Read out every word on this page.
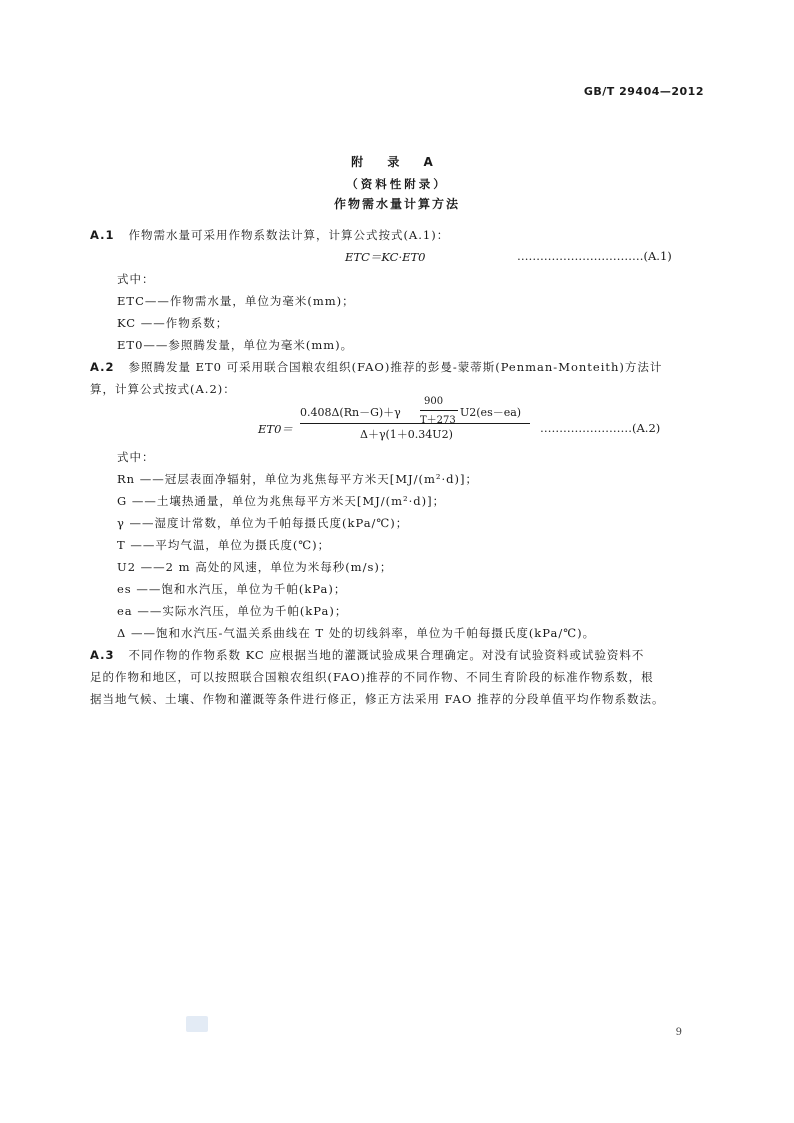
GB/T 29404—2012
附 录 A
（资料性附录）
作物需水量计算方法
A.1 作物需水量可采用作物系数法计算，计算公式按式(A.1)：
ETC＝KC·ET0	……………………………(A.1)
式中：
ETC——作物需水量，单位为毫米(mm)；
KC ——作物系数；
ET0——参照腾发量，单位为毫米(mm)。
A.2 参照腾发量 ET0 可采用联合国粮农组织(FAO)推荐的彭曼-蒙蒂斯(Penman-Monteith)方法计
算，计算公式按式(A.2)：
ET0＝
0.408Δ(Rn－G)＋γ
900
T＋273
U2(es－ea)
Δ＋γ(1＋0.34U2)	……………………(A.2)
式中：
Rn ——冠层表面净辐射，单位为兆焦每平方米天[MJ/(m²·d)]；
G ——土壤热通量，单位为兆焦每平方米天[MJ/(m²·d)]；
γ ——湿度计常数，单位为千帕每摄氏度(kPa/℃)；
T ——平均气温，单位为摄氏度(℃)；
U2 ——2 m 高处的风速，单位为米每秒(m/s)；
es ——饱和水汽压，单位为千帕(kPa)；
ea ——实际水汽压，单位为千帕(kPa)；
Δ ——饱和水汽压-气温关系曲线在 T 处的切线斜率，单位为千帕每摄氏度(kPa/℃)。
A.3 不同作物的作物系数 KC 应根据当地的灌溉试验成果合理确定。对没有试验资料或试验资料不
足的作物和地区，可以按照联合国粮农组织(FAO)推荐的不同作物、不同生育阶段的标准作物系数，根
据当地气候、土壤、作物和灌溉等条件进行修正，修正方法采用 FAO 推荐的分段单值平均作物系数法。
9
